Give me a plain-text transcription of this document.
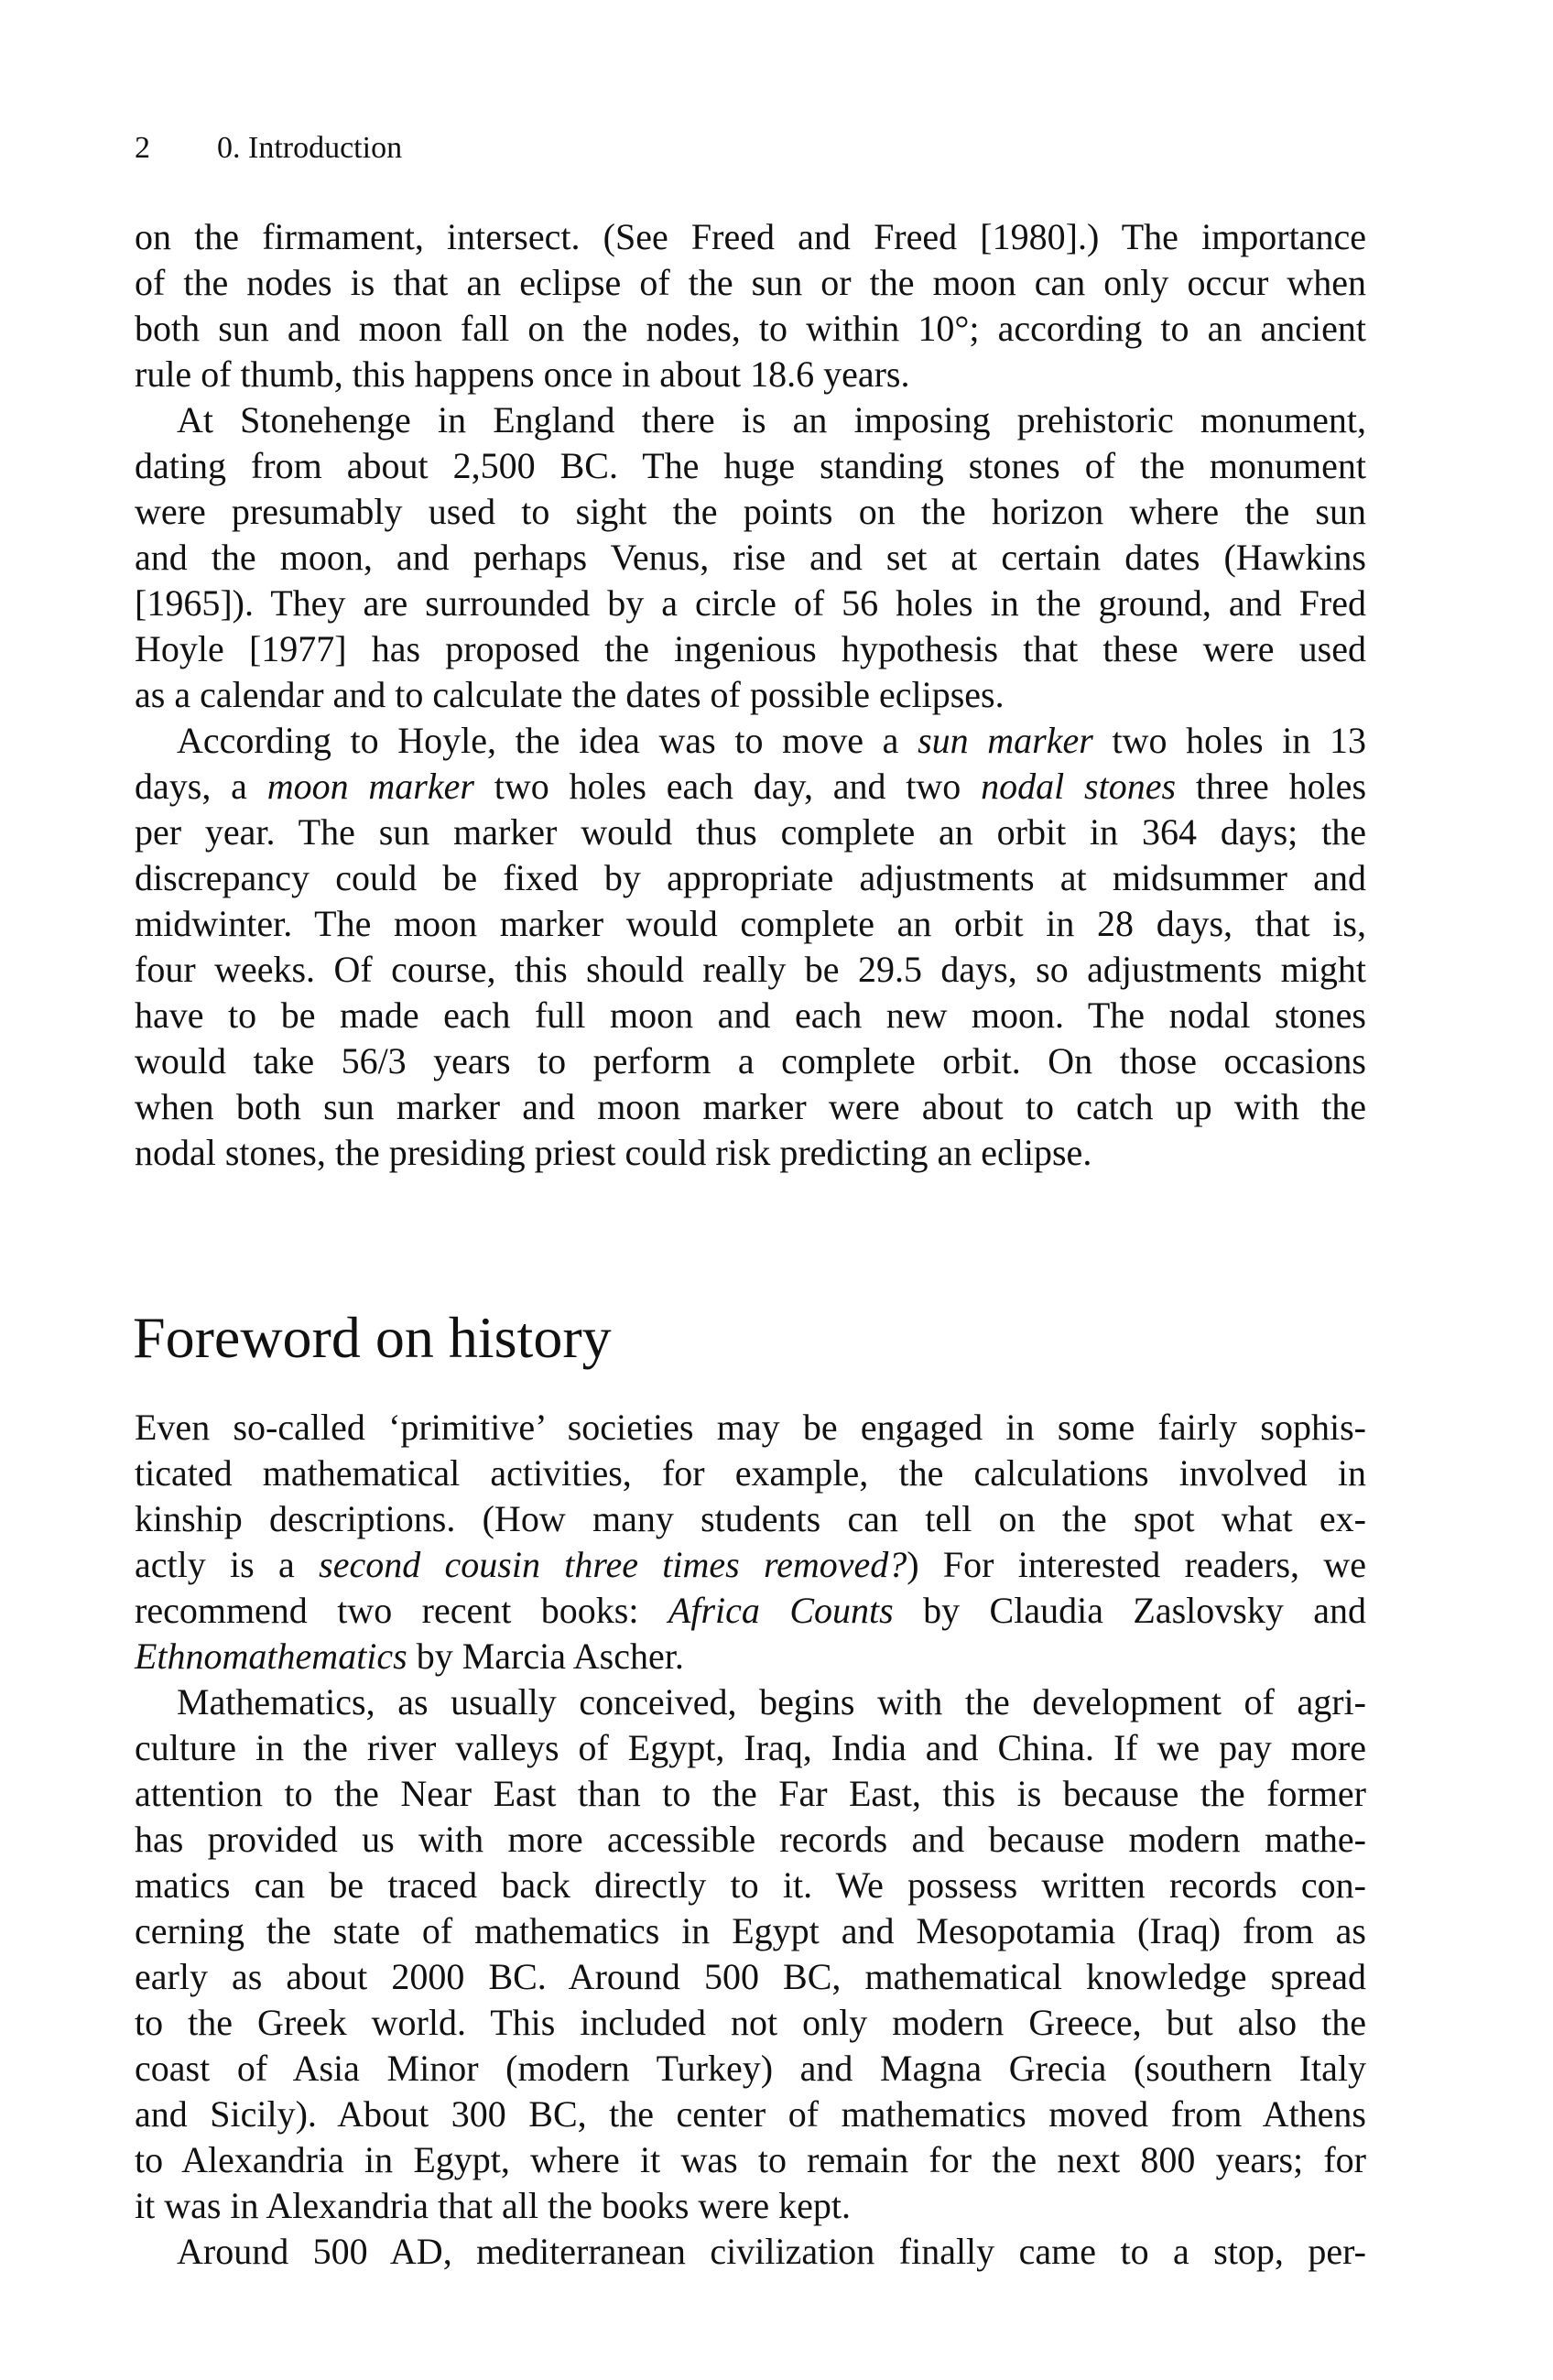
2 0. Introduction
on the firmament, intersect. (See Freed and Freed [1980].) The importance
of the nodes is that an eclipse of the sun or the moon can only occur when
both sun and moon fall on the nodes, to within 10°; according to an ancient
rule of thumb, this happens once in about 18.6 years.
At Stonehenge in England there is an imposing prehistoric monument,
dating from about 2,500 BC. The huge standing stones of the monument
were presumably used to sight the points on the horizon where the sun
and the moon, and perhaps Venus, rise and set at certain dates (Hawkins
[1965]). They are surrounded by a circle of 56 holes in the ground, and Fred
Hoyle [1977] has proposed the ingenious hypothesis that these were used
as a calendar and to calculate the dates of possible eclipses.
According to Hoyle, the idea was to move a sun marker two holes in 13
days, a moon marker two holes each day, and two nodal stones three holes
per year. The sun marker would thus complete an orbit in 364 days; the
discrepancy could be fixed by appropriate adjustments at midsummer and
midwinter. The moon marker would complete an orbit in 28 days, that is,
four weeks. Of course, this should really be 29.5 days, so adjustments might
have to be made each full moon and each new moon. The nodal stones
would take 56/3 years to perform a complete orbit. On those occasions
when both sun marker and moon marker were about to catch up with the
nodal stones, the presiding priest could risk predicting an eclipse.
Foreword on history
Even so-called ‘primitive’ societies may be engaged in some fairly sophis-
ticated mathematical activities, for example, the calculations involved in
kinship descriptions. (How many students can tell on the spot what ex-
actly is a second cousin three times removed?) For interested readers, we
recommend two recent books: Africa Counts by Claudia Zaslovsky and
Ethnomathematics by Marcia Ascher.
Mathematics, as usually conceived, begins with the development of agri-
culture in the river valleys of Egypt, Iraq, India and China. If we pay more
attention to the Near East than to the Far East, this is because the former
has provided us with more accessible records and because modern mathe-
matics can be traced back directly to it. We possess written records con-
cerning the state of mathematics in Egypt and Mesopotamia (Iraq) from as
early as about 2000 BC. Around 500 BC, mathematical knowledge spread
to the Greek world. This included not only modern Greece, but also the
coast of Asia Minor (modern Turkey) and Magna Grecia (southern Italy
and Sicily). About 300 BC, the center of mathematics moved from Athens
to Alexandria in Egypt, where it was to remain for the next 800 years; for
it was in Alexandria that all the books were kept.
Around 500 AD, mediterranean civilization finally came to a stop, per-
